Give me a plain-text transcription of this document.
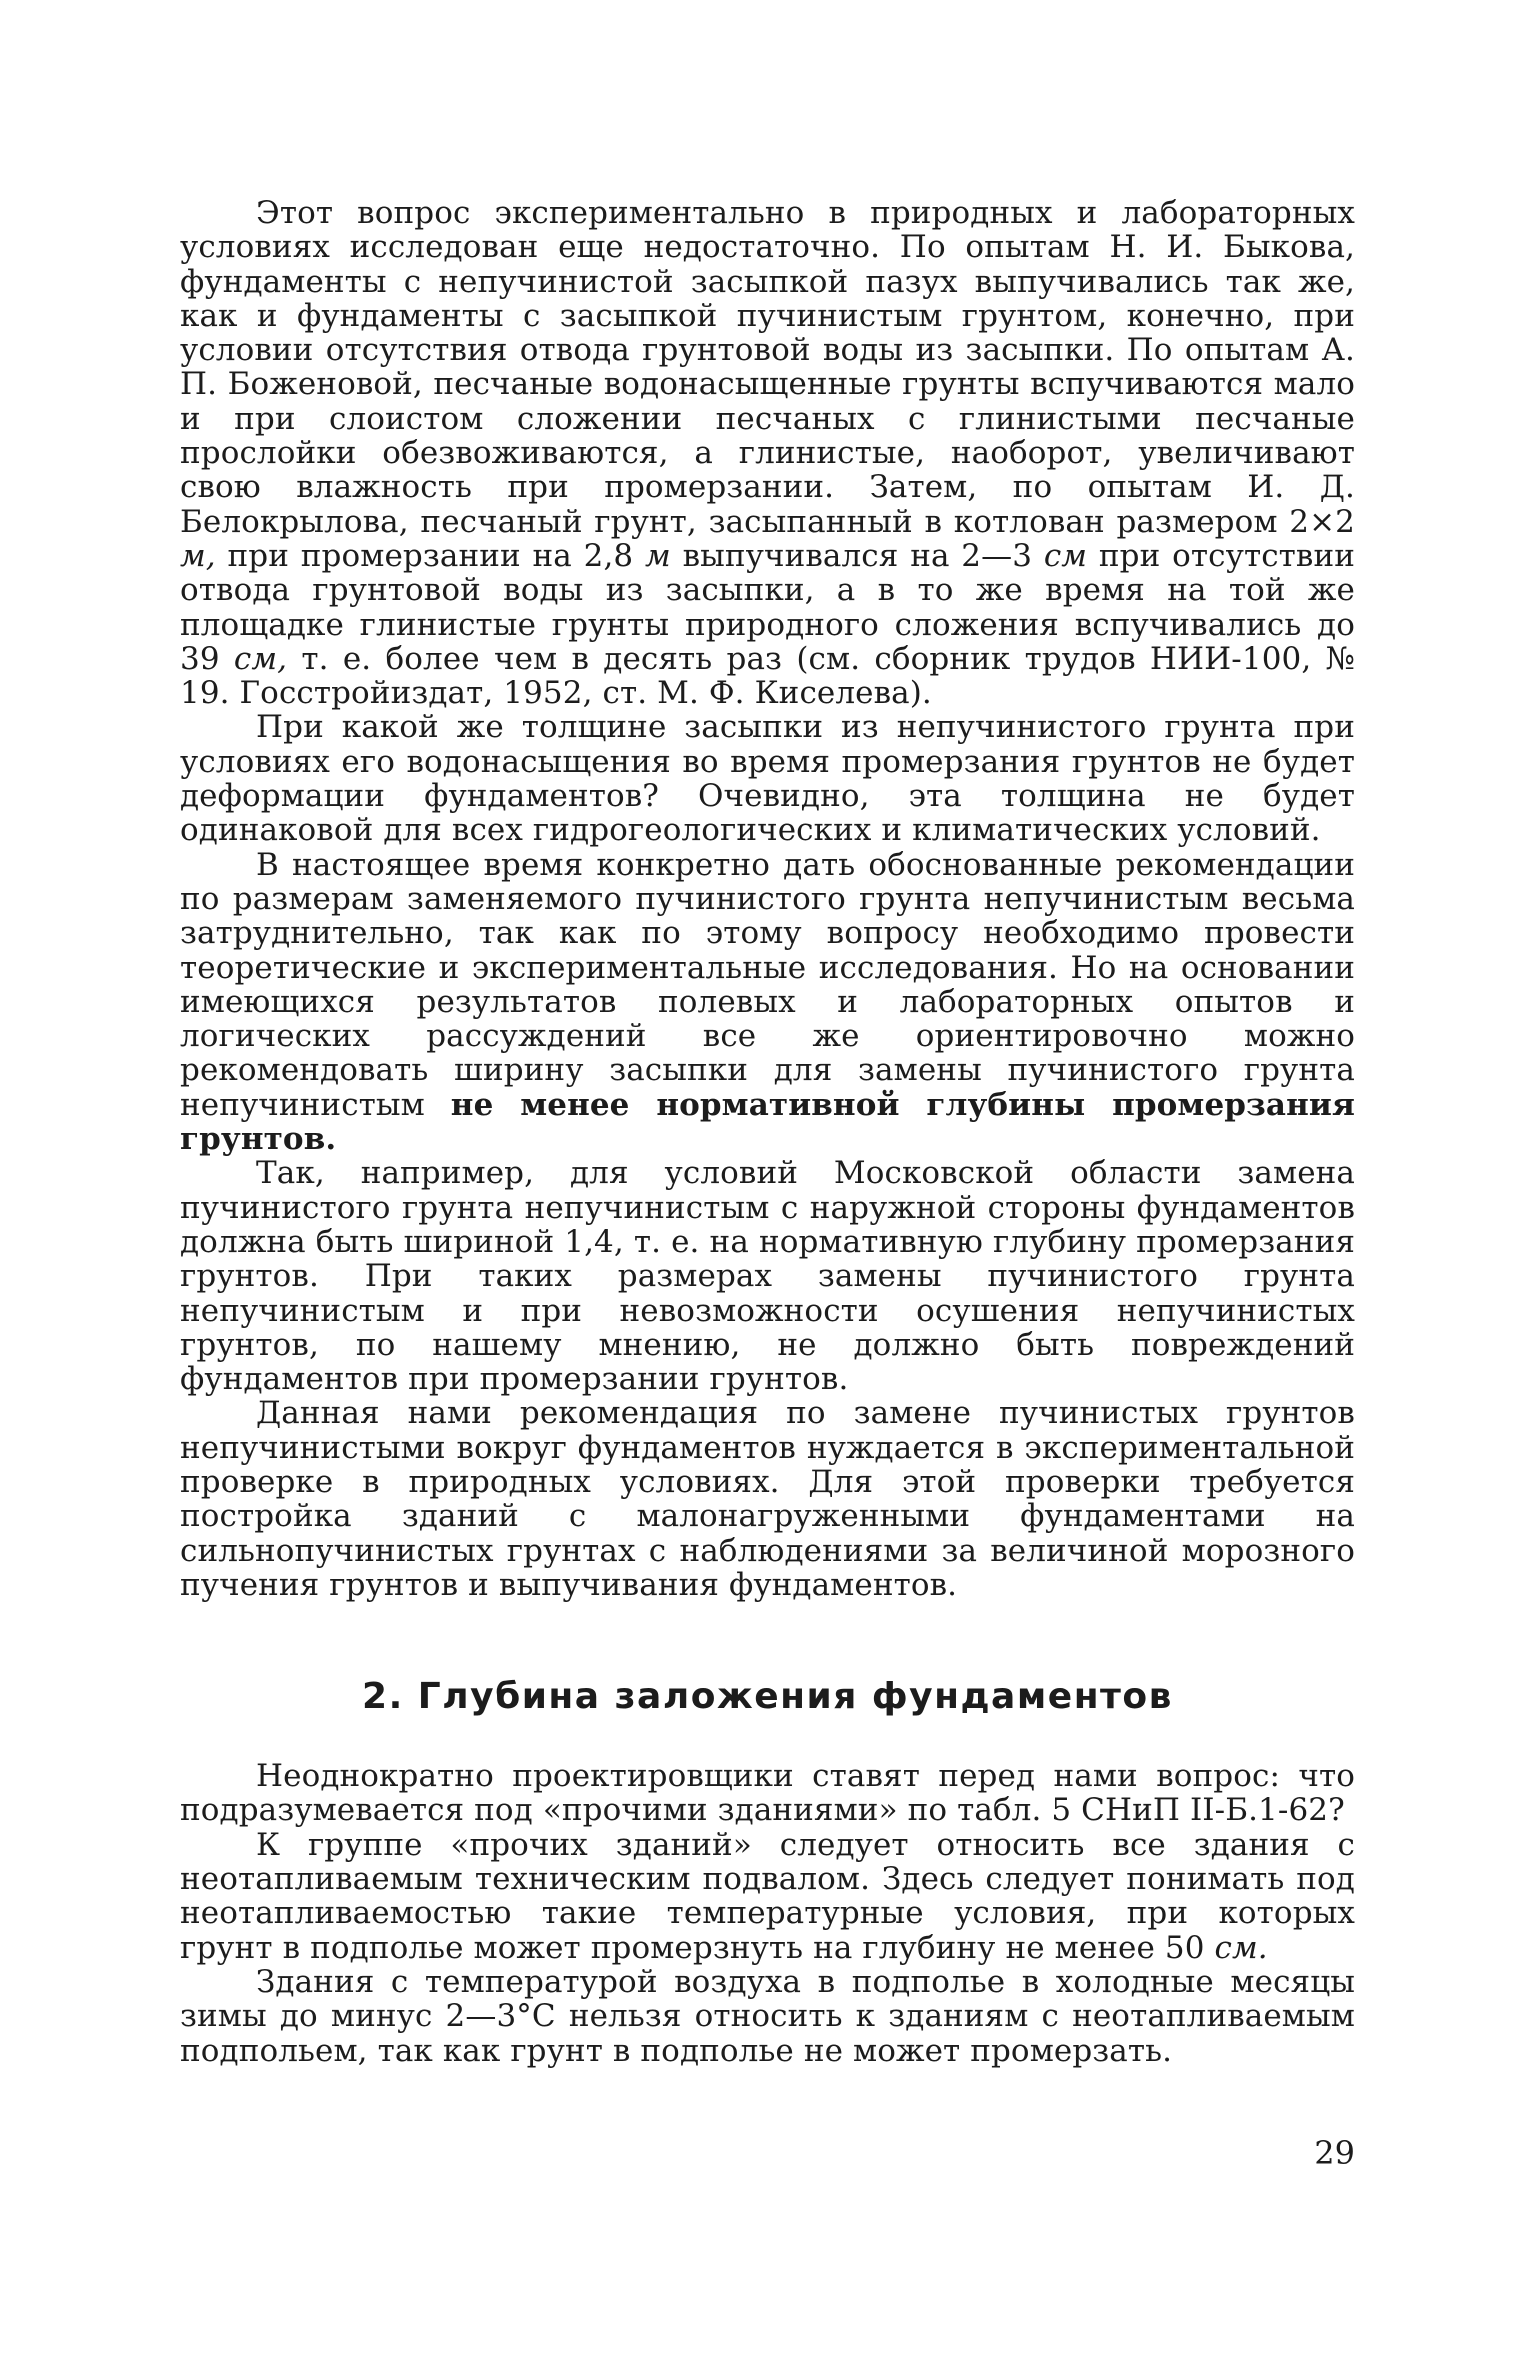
Этот вопрос экспериментально в природных и лабораторных условиях исследован еще недостаточно. По опытам Н. И. Быкова, фундаменты с непучинистой засыпкой пазух выпучивались так же, как и фундаменты с засыпкой пучинистым грунтом, конечно, при условии отсутствия отвода грунтовой воды из засыпки. По опытам А. П. Боженовой, песчаные водонасыщенные грунты вспучиваются мало и при слоистом сложении песчаных с глинистыми песчаные прослойки обезвоживаются, а глинистые, наоборот, увеличивают свою влажность при промерзании. Затем, по опытам И. Д. Белокрылова, песчаный грунт, засыпанный в котлован размером 2×2 м, при промерзании на 2,8 м выпучивался на 2—3 см при отсутствии отвода грунтовой воды из засыпки, а в то же время на той же площадке глинистые грунты природного сложения вспучивались до 39 см, т. е. более чем в десять раз (см. сборник трудов НИИ-100, № 19. Госстройиздат, 1952, ст. М. Ф. Киселева).

При какой же толщине засыпки из непучинистого грунта при условиях его водонасыщения во время промерзания грунтов не будет деформации фундаментов? Очевидно, эта толщина не будет одинаковой для всех гидрогеологических и климатических условий.

В настоящее время конкретно дать обоснованные рекомендации по размерам заменяемого пучинистого грунта непучинистым весьма затруднительно, так как по этому вопросу необходимо провести теоретические и экспериментальные исследования. Но на основании имеющихся результатов полевых и лабораторных опытов и логических рассуждений все же ориентировочно можно рекомендовать ширину засыпки для замены пучинистого грунта непучинистым не менее нормативной глубины промерзания грунтов.

Так, например, для условий Московской области замена пучинистого грунта непучинистым с наружной стороны фундаментов должна быть шириной 1,4, т. е. на нормативную глубину промерзания грунтов. При таких размерах замены пучинистого грунта непучинистым и при невозможности осушения непучинистых грунтов, по нашему мнению, не должно быть повреждений фундаментов при промерзании грунтов.

Данная нами рекомендация по замене пучинистых грунтов непучинистыми вокруг фундаментов нуждается в экспериментальной проверке в природных условиях. Для этой проверки требуется постройка зданий с малонагруженными фундаментами на сильнопучинистых грунтах с наблюдениями за величиной морозного пучения грунтов и выпучивания фундаментов.

2. Глубина заложения фундаментов

Неоднократно проектировщики ставят перед нами вопрос: что подразумевается под «прочими зданиями» по табл. 5 СНиП II-Б.1-62?

К группе «прочих зданий» следует относить все здания с неотапливаемым техническим подвалом. Здесь следует понимать под неотапливаемостью такие температурные условия, при которых грунт в подполье может промерзнуть на глубину не менее 50 см.

Здания с температурой воздуха в подполье в холодные месяцы зимы до минус 2—3°С нельзя относить к зданиям с неотапливаемым подпольем, так как грунт в подполье не может промерзать.

29
